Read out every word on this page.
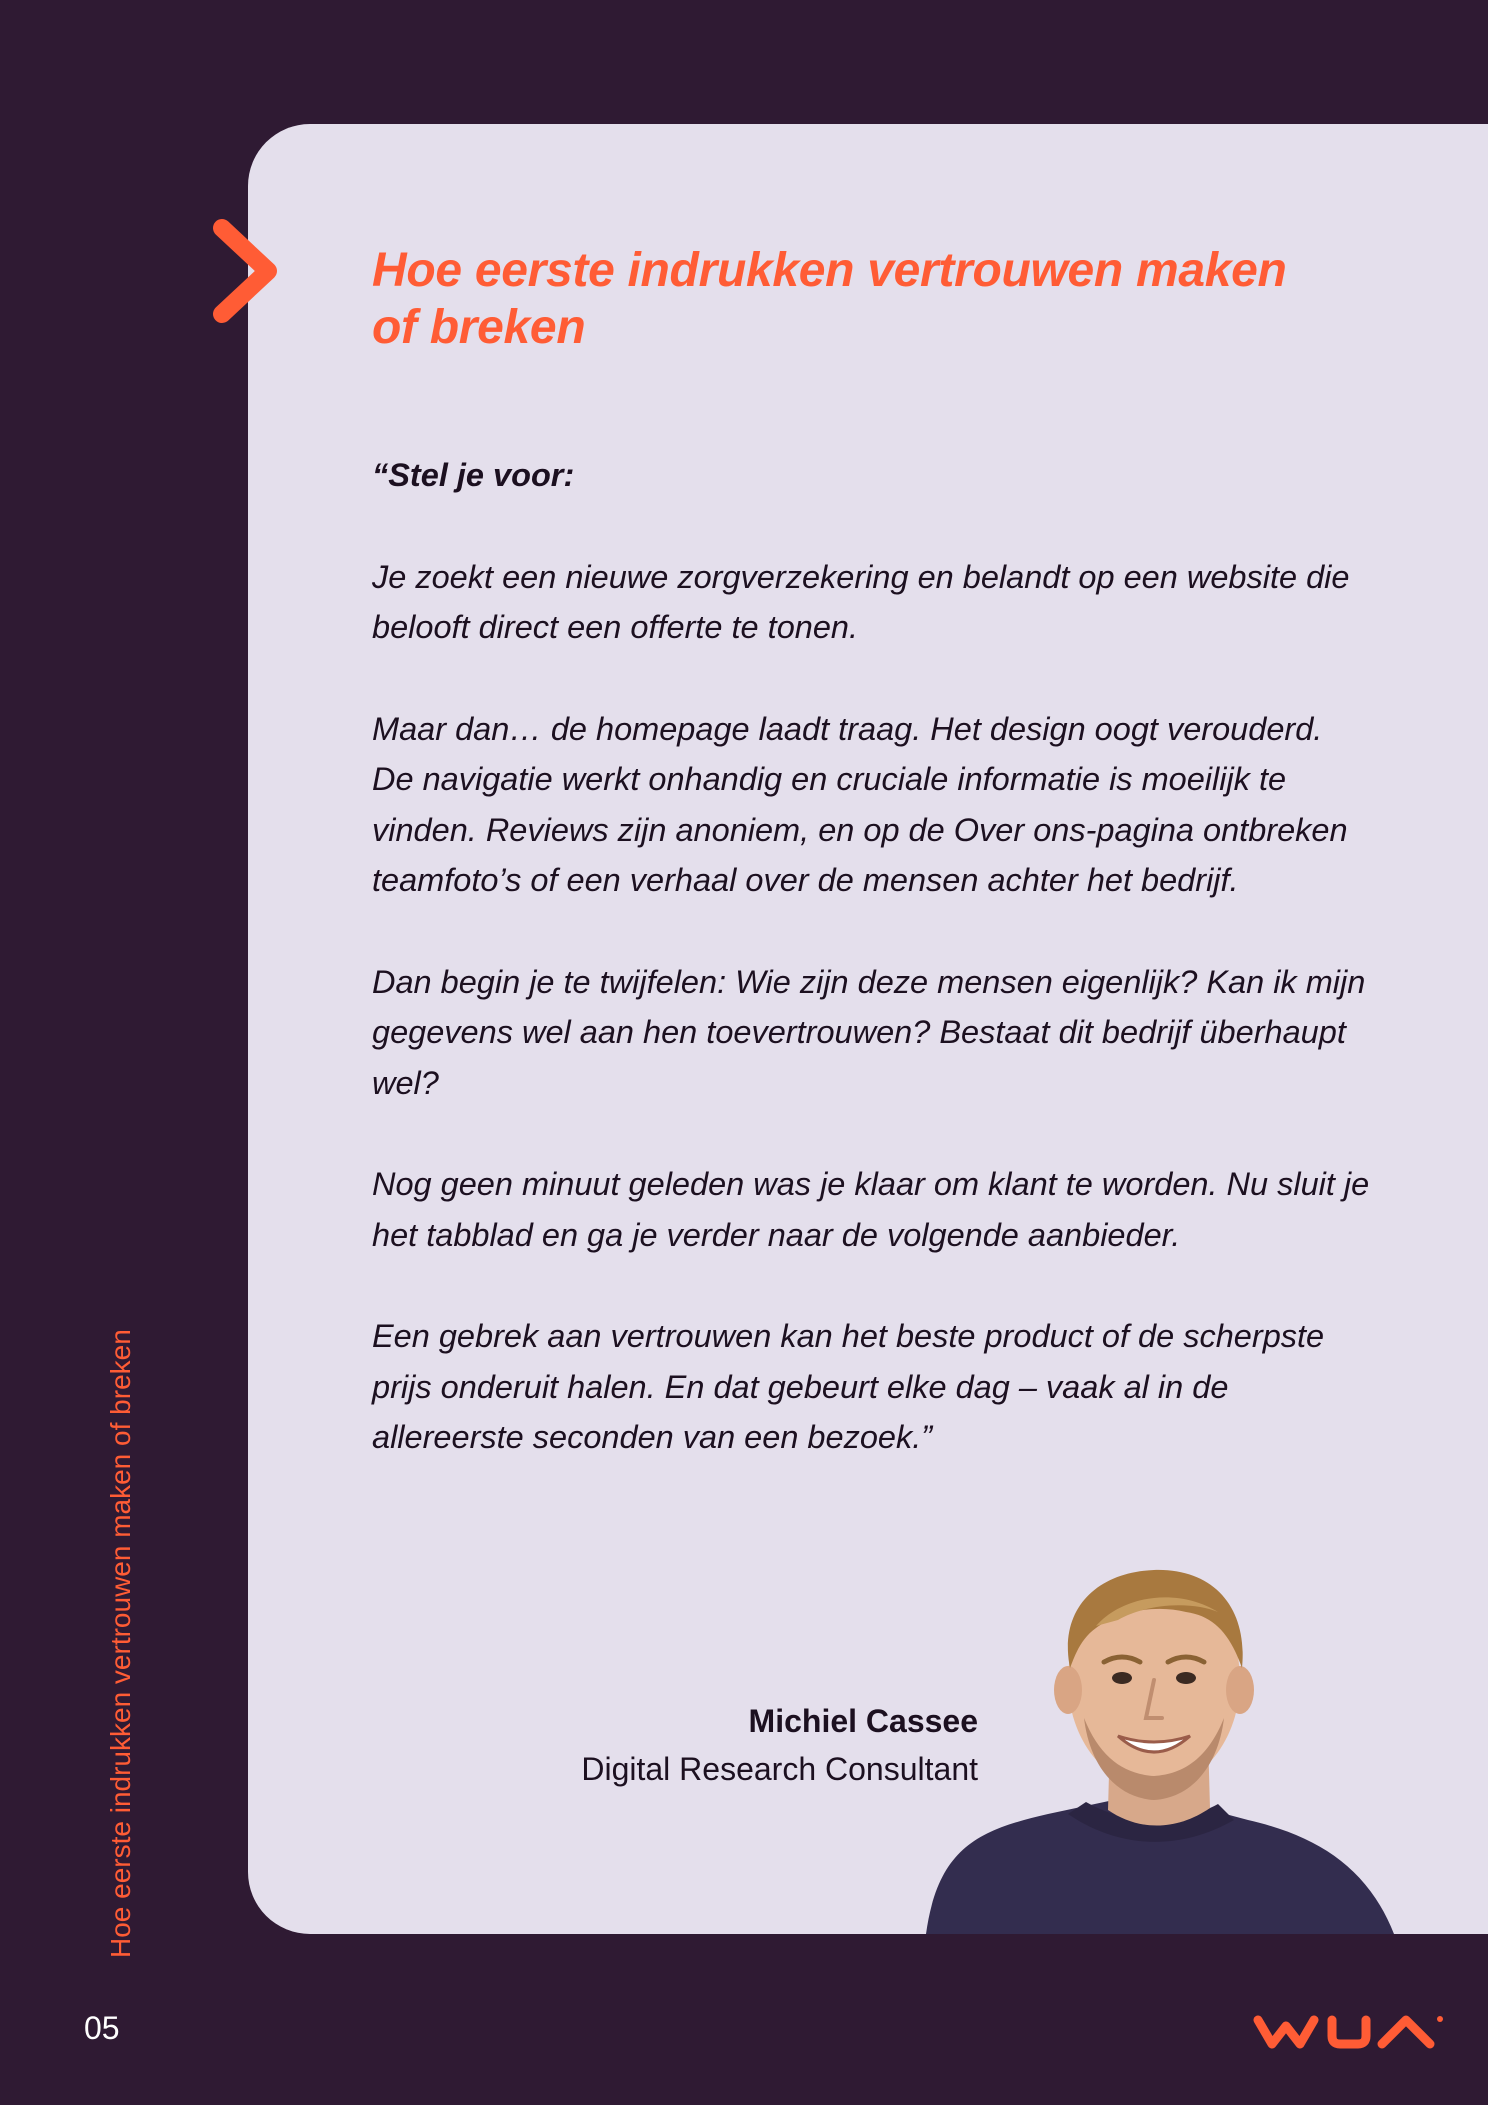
Hoe eerste indrukken vertrouwen maken
of breken

“Stel je voor:

Je zoekt een nieuwe zorgverzekering en belandt op een website die belooft direct een offerte te tonen.

Maar dan… de homepage laadt traag. Het design oogt verouderd. De navigatie werkt onhandig en cruciale informatie is moeilijk te vinden. Reviews zijn anoniem, en op de Over ons-pagina ontbreken teamfoto’s of een verhaal over de mensen achter het bedrijf.

Dan begin je te twijfelen: Wie zijn deze mensen eigenlijk? Kan ik mijn gegevens wel aan hen toevertrouwen? Bestaat dit bedrijf überhaupt wel?

Nog geen minuut geleden was je klaar om klant te worden. Nu sluit je het tabblad en ga je verder naar de volgende aanbieder.

Een gebrek aan vertrouwen kan het beste product of de scherpste prijs onderuit halen. En dat gebeurt elke dag – vaak al in de allereerste seconden van een bezoek.”

Michiel Cassee
Digital Research Consultant
Hoe eerste indrukken vertrouwen maken of breken
05
